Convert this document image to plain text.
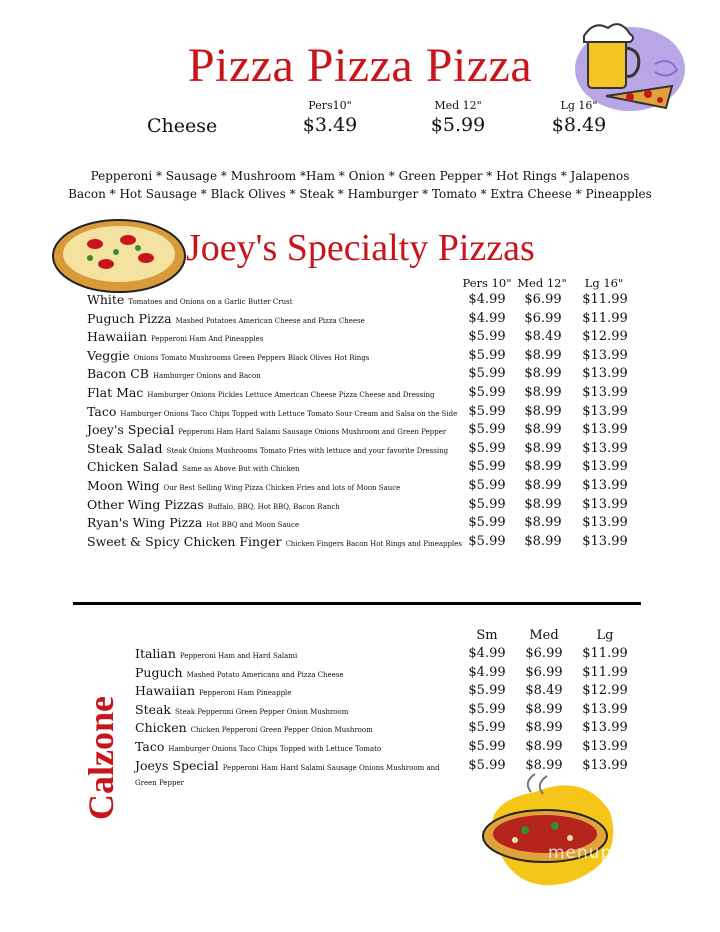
Pizza Pizza Pizza
Cheese
Pers10"	Med 12"	Lg 16"
$3.49	$5.99	$8.49
Pepperoni * Sausage * Mushroom *Ham * Onion * Green Pepper * Hot Rings * Jalapenos
Bacon * Hot Sausage * Black Olives * Steak * Hamburger * Tomato * Extra Cheese * Pineapples
Joey's Specialty Pizzas
Pers 10" Med 12"	Lg 16"
White Tomatoes and Onions on a Garlic Butter Crust	$4.99	$6.99	$11.99
Puguch Pizza Mashed Potatoes American Cheese and Pizza Cheese	$4.99	$6.99	$11.99
Hawaiian Pepperoni Ham And Pineapples	$5.99	$8.49	$12.99
Veggie Onions Tomato Mushrooms Green Peppers Black Olives Hot Rings	$5.99	$8.99	$13.99
Bacon CB Hamburger Onions and Bacon	$5.99	$8.99	$13.99
Flat Mac Hamburger Onions Pickles Lettuce American Cheese Pizza Cheese and Dressing	$5.99	$8.99	$13.99
Taco Hamburger Onions Taco Chips Topped with Lettuce Tomato Sour Cream and Salsa on the Side $5.99	$8.99	$13.99
Joey's Special Pepperoni Ham Hard Salami Sausage Onions Mushroom and Green Pepper	$5.99	$8.99	$13.99
Steak Salad Steak Onions Mushrooms Tomato Fries with lettuce and your favorite Dressing	$5.99	$8.99	$13.99
Chicken Salad Same as Above But with Chicken	$5.99	$8.99	$13.99
Moon Wing Our Best Selling Wing Pizza Chicken Fries and lots of Moon Sauce	$5.99	$8.99	$13.99
Other Wing Pizzas Buffalo, BBQ, Hot BBQ, Bacon Ranch	$5.99	$8.99	$13.99
Ryan's Wing Pizza Hot BBQ and Moon Sauce	$5.99	$8.99	$13.99
Sweet & Spicy Chicken Finger Chicken Fingers Bacon Hot Rings and Pineapples $5.99	$8.99	$13.99
Sm	Med	Lg
Calzone
Italian Pepperoni Ham and Hard Salami	$4.99	$6.99	$11.99
Puguch Mashed Potato Americans and Pizza Cheese	$4.99	$6.99	$11.99
Hawaiian Pepperoni Ham Pineapple	$5.99	$8.49	$12.99
Steak Steak Pepperoni Green Pepper Onion Mushroom	$5.99	$8.99	$13.99
Chicken Chicken Pepperoni Green Pepper Onion Mushroom	$5.99	$8.99	$13.99
Taco Hamburger Onions Taco Chips Topped with Lettuce Tomato	$5.99	$8.99	$13.99
Joeys Special Pepperoni Ham Hard Salami Sausage Onions Mushroom and
Green Pepper
$5.99	$8.99	$13.99
menupix
